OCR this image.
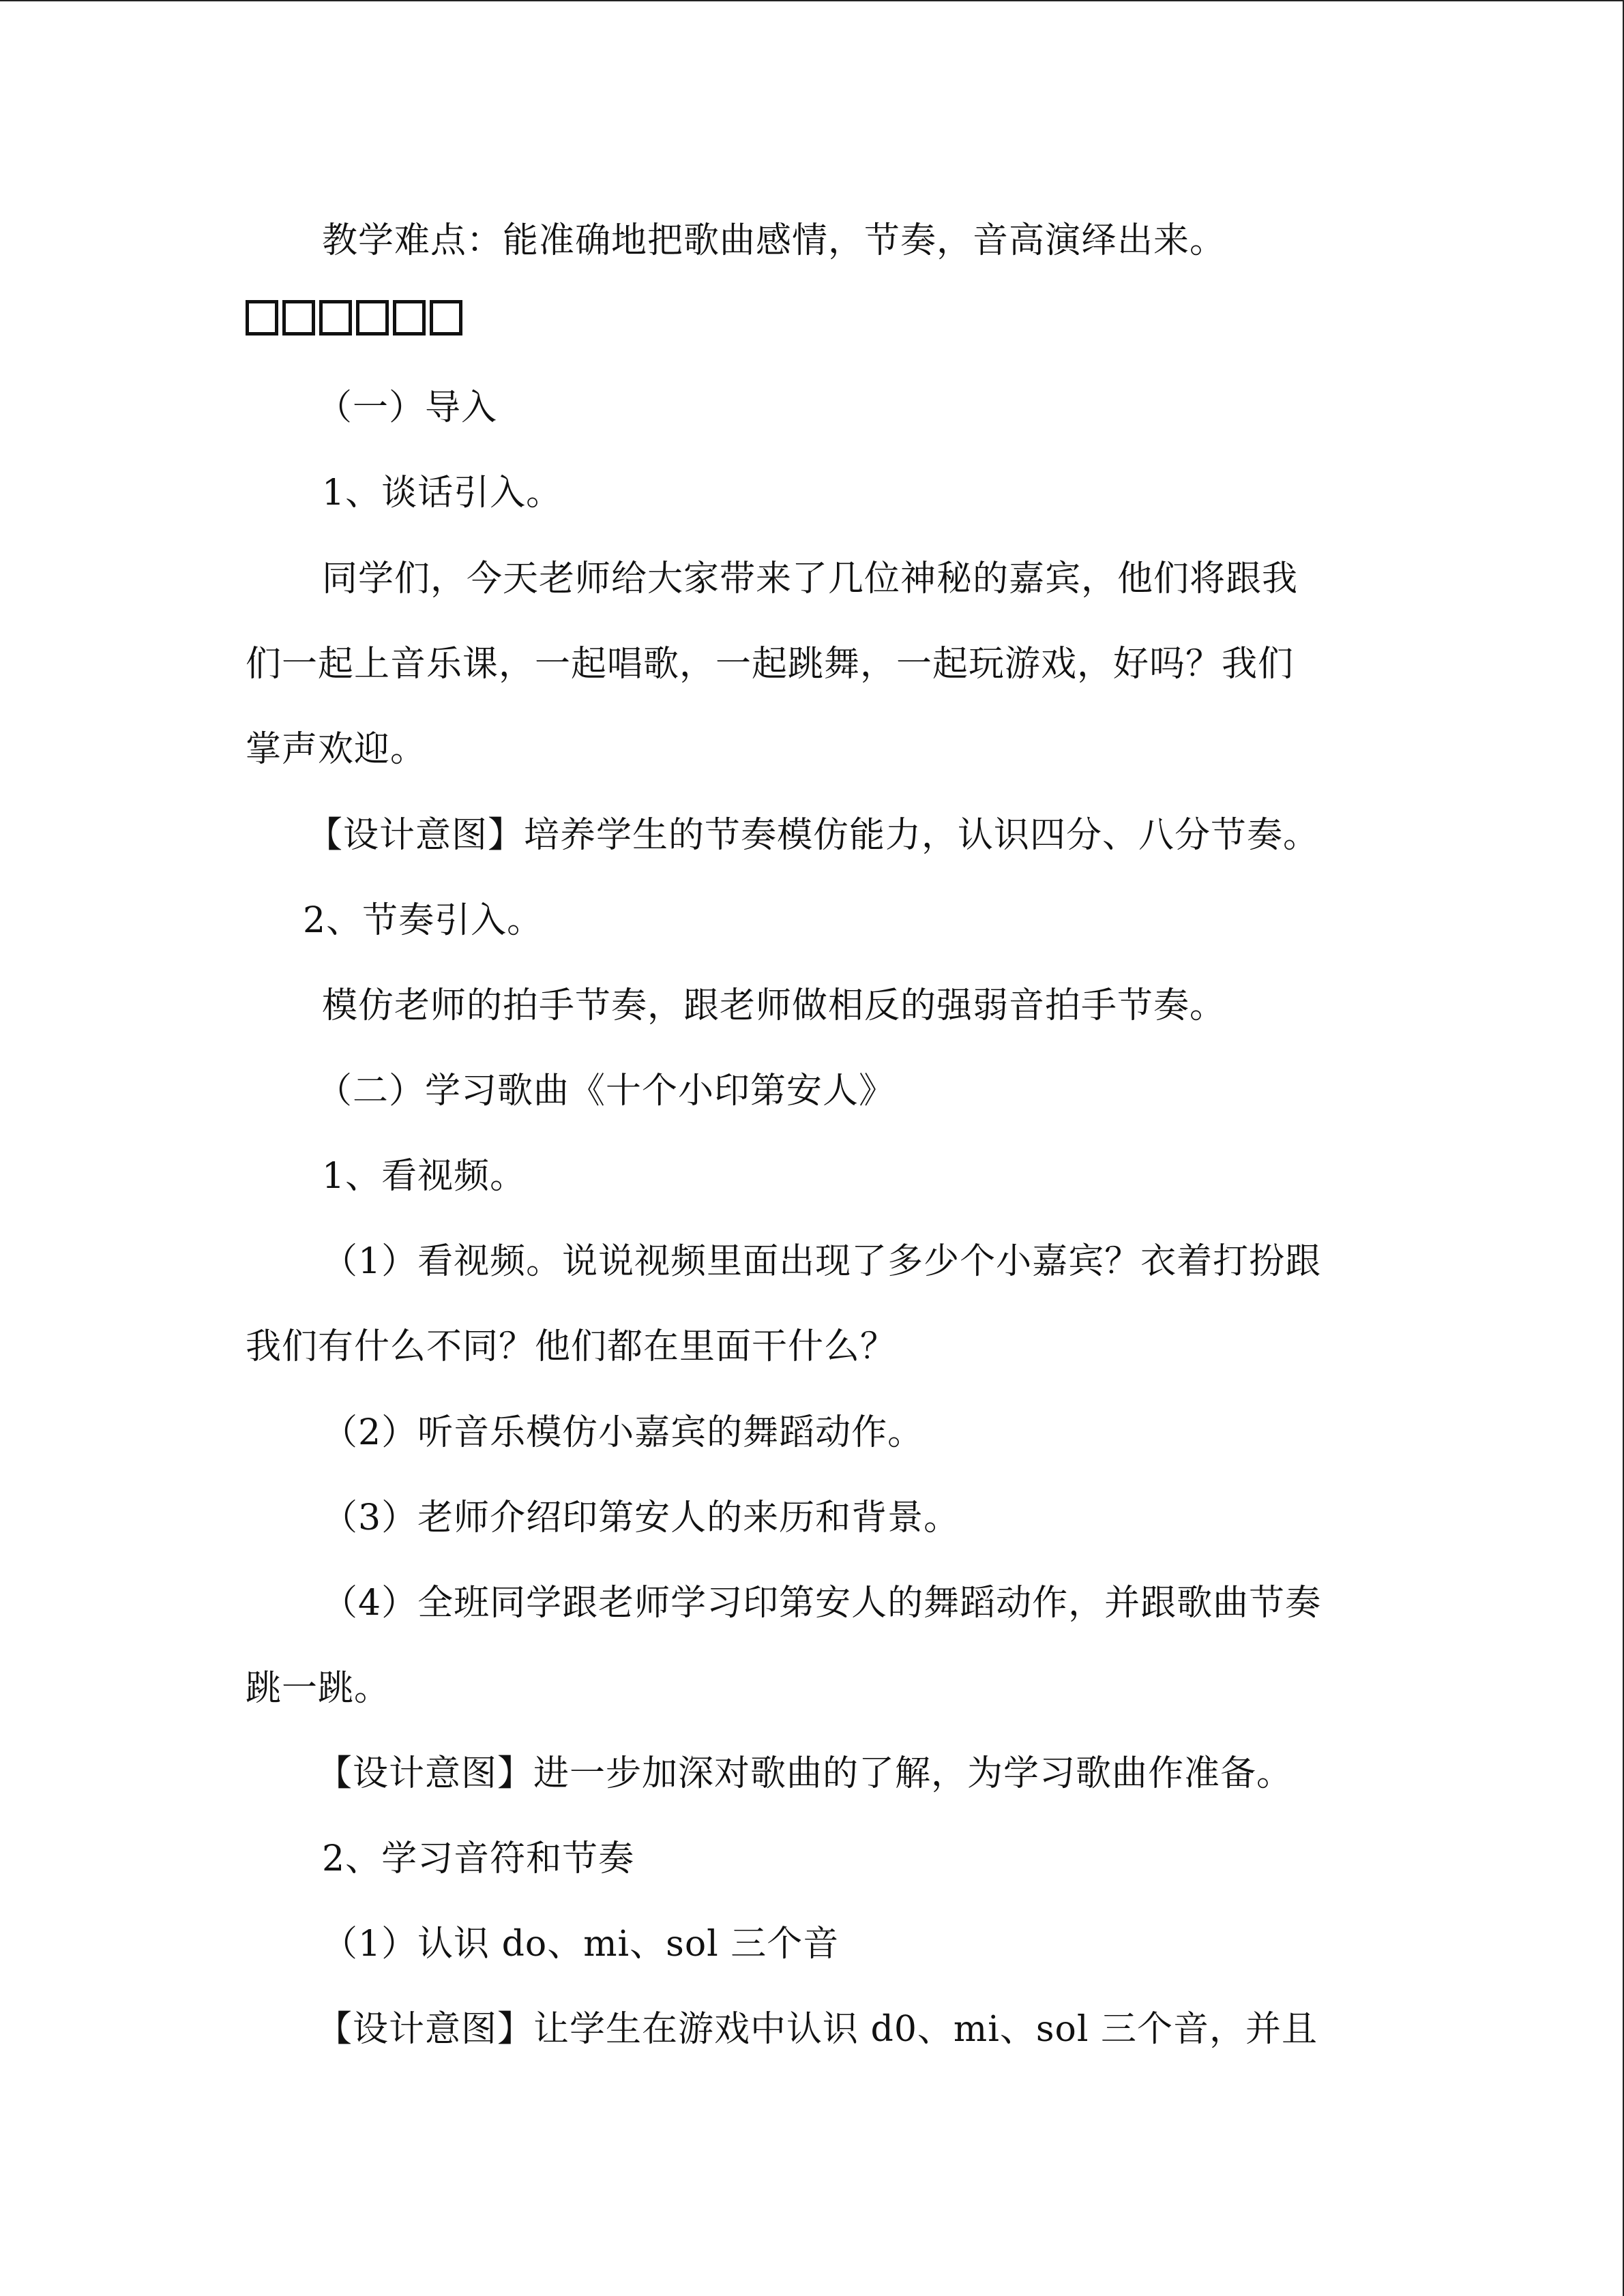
教学难点：能准确地把歌曲感情，节奏，音高演绎出来。
（一）导入
1、谈话引入。
同学们，今天老师给大家带来了几位神秘的嘉宾，他们将跟我
们一起上音乐课，一起唱歌，一起跳舞，一起玩游戏，好吗？我们
掌声欢迎。
【设计意图】培养学生的节奏模仿能力，认识四分、八分节奏。
2、节奏引入。
模仿老师的拍手节奏，跟老师做相反的强弱音拍手节奏。
（二）学习歌曲《十个小印第安人》
1、看视频。
（1）看视频。说说视频里面出现了多少个小嘉宾？衣着打扮跟
我们有什么不同？他们都在里面干什么？
（2）听音乐模仿小嘉宾的舞蹈动作。
（3）老师介绍印第安人的来历和背景。
（4）全班同学跟老师学习印第安人的舞蹈动作，并跟歌曲节奏
跳一跳。
【设计意图】进一步加深对歌曲的了解，为学习歌曲作准备。
2、学习音符和节奏
（1）认识 do、mi、sol 三个音
【设计意图】让学生在游戏中认识 d0、mi、sol 三个音，并且
